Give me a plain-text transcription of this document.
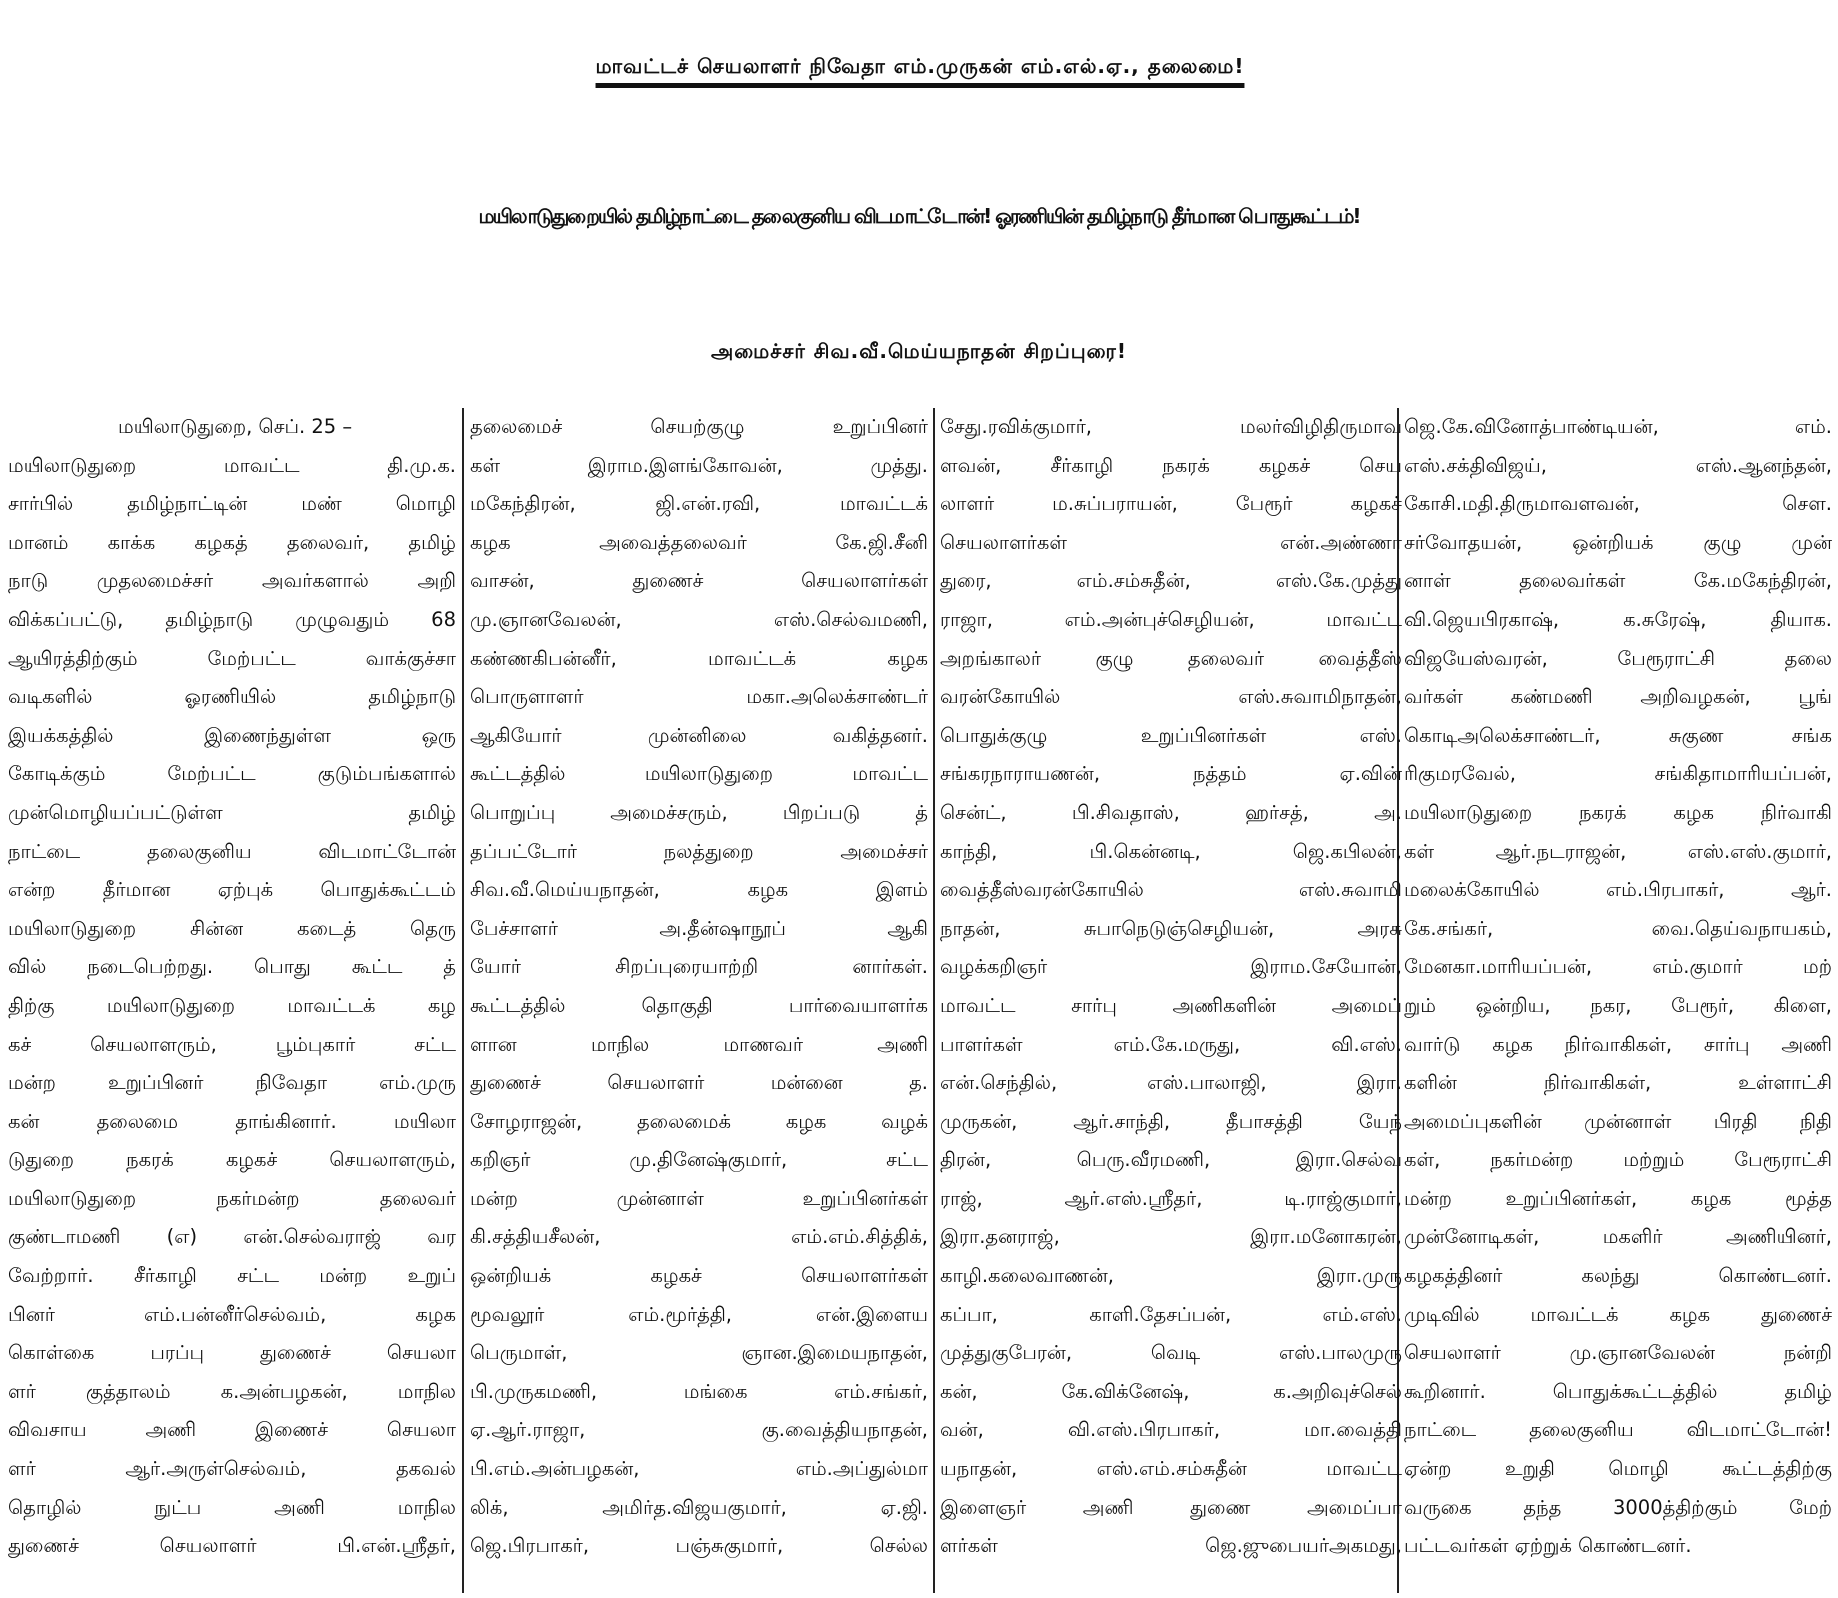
மாவட்டச் செயலாளர் நிவேதா எம்.முருகன் எம்.எல்.ஏ., தலைமை!
மயிலாடுதுறையில் தமிழ்நாட்டை தலைகுனிய விடமாட்டோன்! ஓரணியின் தமிழ்நாடு தீர்மான பொதுகூட்டம்!
அமைச்சர் சிவ.வீ.மெய்யநாதன் சிறப்புரை!
மயிலாடுதுறை, செப். 25 –
மயிலாடுதுறை மாவட்ட தி.மு.க.
சார்பில் தமிழ்நாட்டின் மண் மொழி
மானம் காக்க கழகத் தலைவர், தமிழ்
நாடு முதலமைச்சர் அவர்களால் அறி
விக்கப்பட்டு, தமிழ்நாடு முழுவதும் 68
ஆயிரத்திற்கும் மேற்பட்ட வாக்குச்சா
வடிகளில் ஓரணியில் தமிழ்நாடு
இயக்கத்தில் இணைந்துள்ள ஒரு
கோடிக்கும் மேற்பட்ட குடும்பங்களால்
முன்மொழியப்பட்டுள்ள தமிழ்
நாட்டை தலைகுனிய விடமாட்டோன்
என்ற தீர்மான ஏற்புக் பொதுக்கூட்டம்
மயிலாடுதுறை சின்ன கடைத் தெரு
வில் நடைபெற்றது. பொது கூட்ட த்
திற்கு மயிலாடுதுறை மாவட்டக் கழ
கச் செயலாளரும், பூம்புகார் சட்ட
மன்ற உறுப்பினர் நிவேதா எம்.முரு
கன் தலைமை தாங்கினார். மயிலா
டுதுறை நகரக் கழகச் செயலாளரும்,
மயிலாடுதுறை நகர்மன்ற தலைவர்
குண்டாமணி (எ) என்.செல்வராஜ் வர
வேற்றார். சீர்காழி சட்ட மன்ற உறுப்
பினர் எம்.பன்னீர்செல்வம், கழக
கொள்கை பரப்பு துணைச் செயலா
ளர் குத்தாலம் க.அன்பழகன், மாநில
விவசாய அணி இணைச் செயலா
ளர் ஆர்.அருள்செல்வம், தகவல்
தொழில் நுட்ப அணி மாநில
துணைச் செயலாளர் பி.என்.ஸ்ரீதர்,
தலைமைச் செயற்குழு உறுப்பினர்
கள் இராம.இளங்கோவன், முத்து.
மகேந்திரன், ஜி.என்.ரவி, மாவட்டக்
கழக அவைத்தலைவர் கே.ஜி.சீனி
வாசன், துணைச் செயலாளர்கள்
மு.ஞானவேலன், எஸ்.செல்வமணி,
கண்ணகிபன்னீர், மாவட்டக் கழக
பொருளாளர் மகா.அலெக்சாண்டர்
ஆகியோர் முன்னிலை வகித்தனர்.
கூட்டத்தில் மயிலாடுதுறை மாவட்ட
பொறுப்பு அமைச்சரும், பிறப்படு த்
தப்பட்டோர் நலத்துறை அமைச்சர்
சிவ.வீ.மெய்யநாதன், கழக இளம்
பேச்சாளர் அ.தீன்ஷாநூப் ஆகி
யோர் சிறப்புரையாற்றி னார்கள்.
கூட்டத்தில் தொகுதி பார்வையாளர்க
ளான மாநில மாணவர் அணி
துணைச் செயலாளர் மன்னை த.
சோழராஜன், தலைமைக் கழக வழக்
கறிஞர் மு.தினேஷ்குமார், சட்ட
மன்ற முன்னாள் உறுப்பினர்கள்
கி.சத்தியசீலன், எம்.எம்.சித்திக்,
ஒன்றியக் கழகச் செயலாளர்கள்
மூவலூர் எம்.மூர்த்தி, என்.இளைய
பெருமாள், ஞான.இமையநாதன்,
பி.முருகமணி, மங்கை எம்.சங்கர்,
ஏ.ஆர்.ராஜா, கு.வைத்தியநாதன்,
பி.எம்.அன்பழகன், எம்.அப்துல்மா
லிக், அமிர்த.விஜயகுமார், ஏ.ஜி.
ஜெ.பிரபாகர், பஞ்சுகுமார், செல்ல
சேது.ரவிக்குமார், மலர்விழிதிருமாவ
ளவன், சீர்காழி நகரக் கழகச் செய
லாளர் ம.சுப்பராயன், பேரூர் கழகச்
செயலாளர்கள் என்.அண்ணா
துரை, எம்.சம்சுதீன், எஸ்.கே.முத்து
ராஜா, எம்.அன்புச்செழியன், மாவட்ட
அறங்காலர் குழு தலைவர் வைத்தீஸ்
வரன்கோயில் எஸ்.சுவாமிநாதன்,
பொதுக்குழு உறுப்பினர்கள் எஸ்.
சங்கரநாராயணன், நத்தம் ஏ.வின்
சென்ட், பி.சிவதாஸ், ஹர்சத், அ.
காந்தி, பி.கென்னடி, ஜெ.கபிலன்,
வைத்தீஸ்வரன்கோயில் எஸ்.சுவாமி
நாதன், சுபாநெடுஞ்செழியன், அரசு
வழக்கறிஞர் இராம.சேயோன்,
மாவட்ட சார்பு அணிகளின் அமைப்
பாளர்கள் எம்.கே.மருது, வி.எஸ்.
என்.செந்தில், எஸ்.பாலாஜி, இரா.
முருகன், ஆர்.சாந்தி, தீபாசத்தி யேந்
திரன், பெரு.வீரமணி, இரா.செல்வ
ராஜ், ஆர்.எஸ்.ஸ்ரீதர், டி.ராஜ்குமார்,
இரா.தனராஜ், இரா.மனோகரன்,
காழி.கலைவாணன், இரா.முரு
கப்பா, காளி.தேசப்பன், எம்.எஸ்.
முத்துகுபேரன், வெடி எஸ்.பாலமுரு
கன், கே.விக்னேஷ், க.அறிவுச்செல்
வன், வி.எஸ்.பிரபாகர், மா.வைத்தி
யநாதன், எஸ்.எம்.சம்சுதீன் மாவட்ட
இளைஞர் அணி துணை அமைப்பா
ளர்கள் ஜெ.ஜுபையர்அகமது,
ஜெ.கே.வினோத்பாண்டியன், எம்.
எஸ்.சக்திவிஜய், எஸ்.ஆனந்தன்,
கோசி.மதி.திருமாவளவன், சௌ.
சர்வோதயன், ஒன்றியக் குழு முன்
னாள் தலைவர்கள் கே.மகேந்திரன்,
வி.ஜெயபிரகாஷ், க.சுரேஷ், தியாக.
விஜயேஸ்வரன், பேரூராட்சி தலை
வர்கள் கண்மணி அறிவழகன், பூங்
கொடிஅலெக்சாண்டர், சுகுண சங்க
ரிகுமரவேல், சங்கிதாமாரியப்பன்,
மயிலாடுதுறை நகரக் கழக நிர்வாகி
கள் ஆர்.நடராஜன், எஸ்.எஸ்.குமார்,
மலைக்கோயில் எம்.பிரபாகர், ஆர்.
கே.சங்கர், வை.தெய்வநாயகம்,
மேனகா.மாரியப்பன், எம்.குமார் மற்
றும் ஒன்றிய, நகர, பேரூர், கிளை,
வார்டு கழக நிர்வாகிகள், சார்பு அணி
களின் நிர்வாகிகள், உள்ளாட்சி
அமைப்புகளின் முன்னாள் பிரதி நிதி
கள், நகர்மன்ற மற்றும் பேரூராட்சி
மன்ற உறுப்பினர்கள், கழக மூத்த
முன்னோடிகள், மகளிர் அணியினர்,
கழகத்தினர் கலந்து கொண்டனர்.
முடிவில் மாவட்டக் கழக துணைச்
செயலாளர் மு.ஞானவேலன் நன்றி
கூறினார். பொதுக்கூட்டத்தில் தமிழ்
நாட்டை தலைகுனிய விடமாட்டோன்!
ஏன்ற உறுதி மொழி கூட்டத்திற்கு
வருகை தந்த 3000த்திற்கும் மேற்
பட்டவர்கள் ஏற்றுக் கொண்டனர்.
